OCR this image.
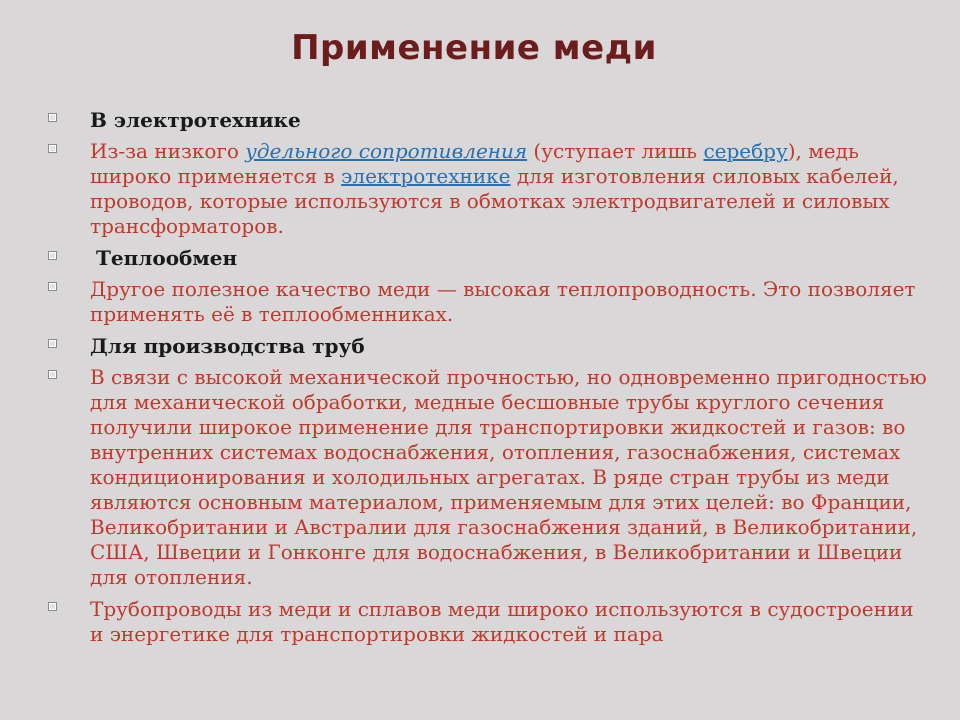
Применение меди
В электротехнике
Из-за низкого удельного сопротивления (уступает лишь серебру), медь широко применяется в электротехнике для изготовления силовых кабелей, проводов, которые используются в обмотках электродвигателей и силовых трансформаторов.
Теплообмен
Другое полезное качество меди — высокая теплопроводность. Это позволяет применять её в теплообменниках.
Для производства труб
В связи с высокой механической прочностью, но одновременно пригодностью для механической обработки, медные бесшовные трубы круглого сечения получили широкое применение для транспортировки жидкостей и газов: во внутренних системах водоснабжения, отопления, газоснабжения, системах кондиционирования и холодильных агрегатах. В ряде стран трубы из меди являются основным материалом, применяемым для этих целей: во Франции, Великобритании и Австралии для газоснабжения зданий, в Великобритании, США, Швеции и Гонконге для водоснабжения, в Великобритании и Швеции для отопления.
Трубопроводы из меди и сплавов меди широко используются в судостроении и энергетике для транспортировки жидкостей и пара
